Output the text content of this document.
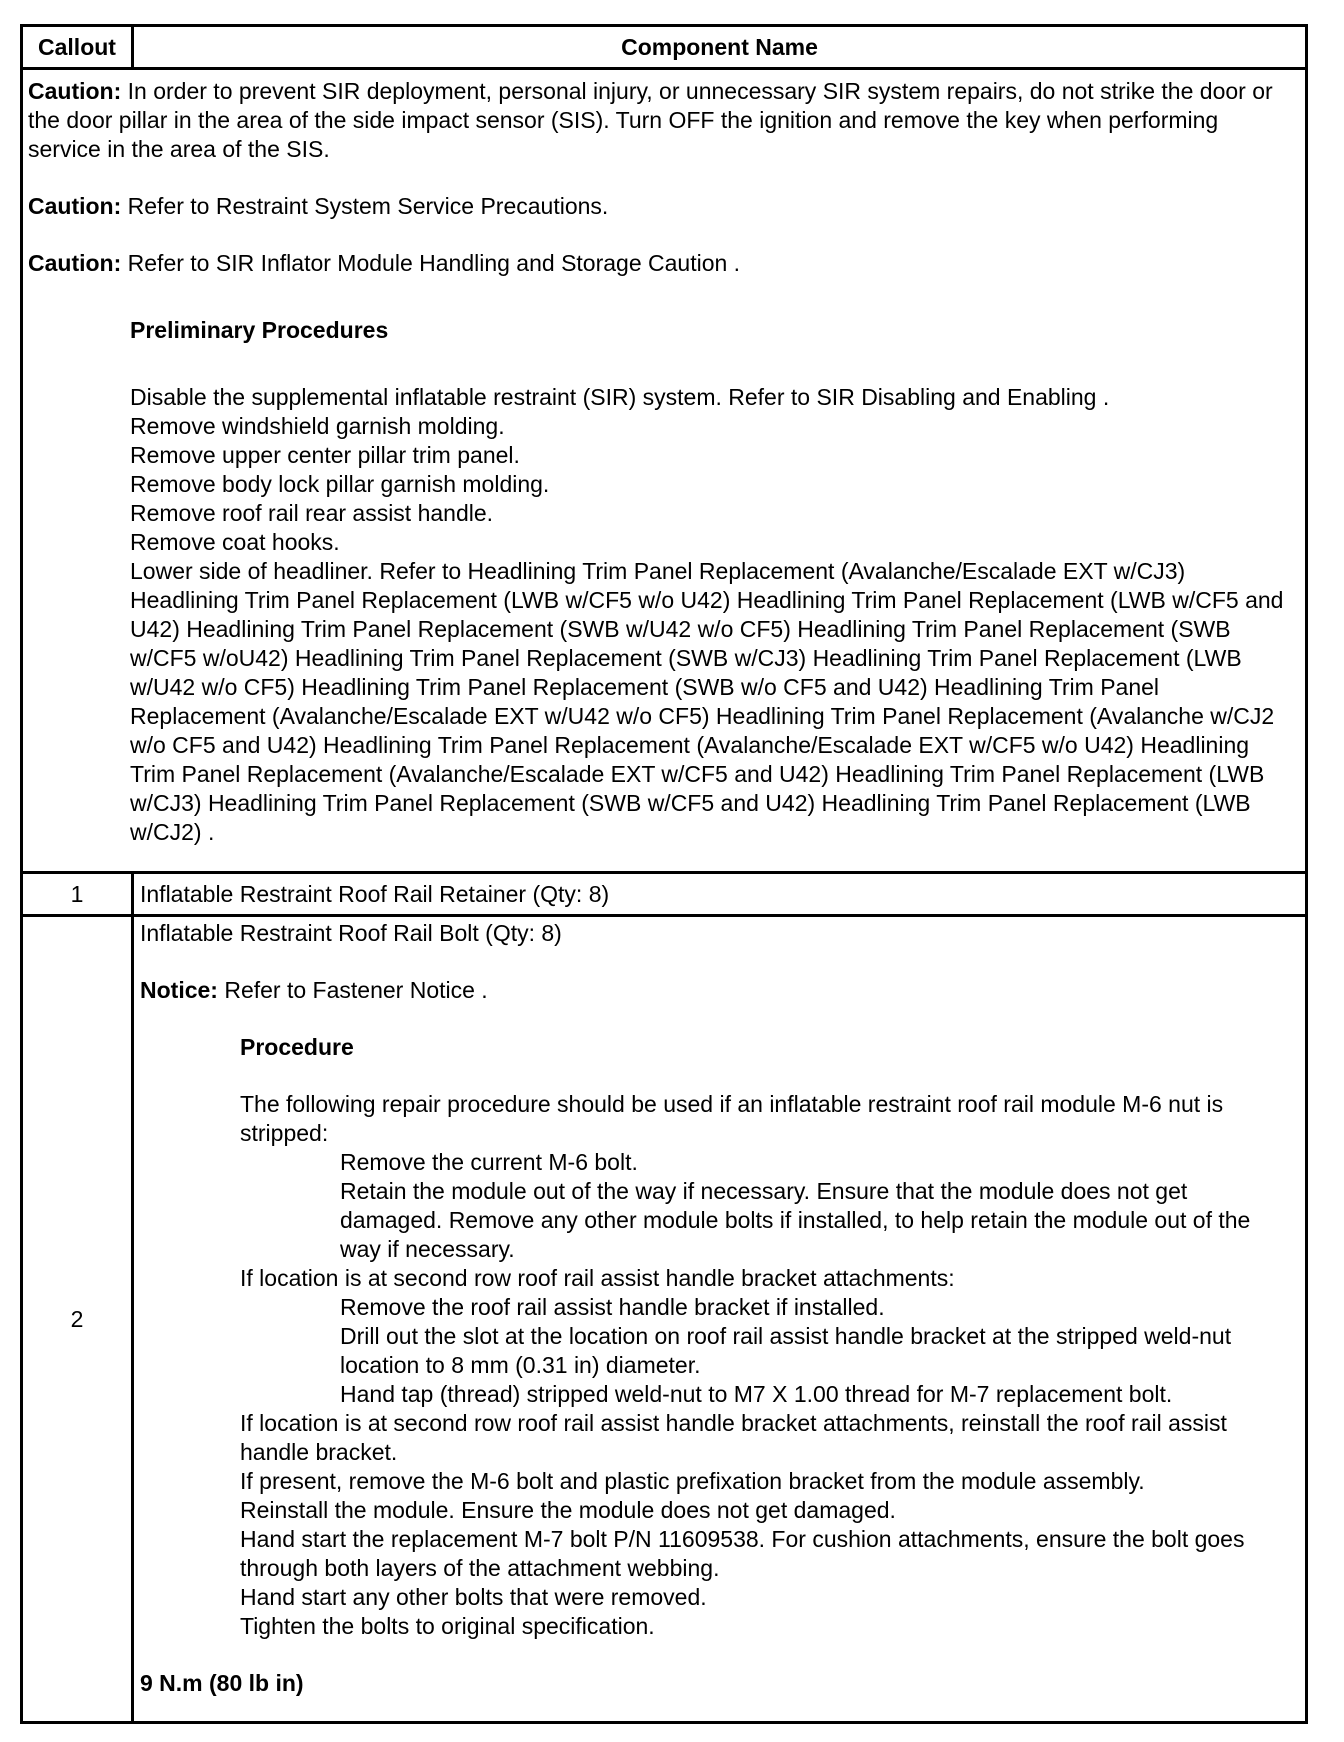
Callout	Component Name

Caution: In order to prevent SIR deployment, personal injury, or unnecessary SIR system repairs, do not strike the door or the door pillar in the area of the side impact sensor (SIS). Turn OFF the ignition and remove the key when performing service in the area of the SIS.

Caution: Refer to Restraint System Service Precautions.

Caution: Refer to SIR Inflator Module Handling and Storage Caution .

Preliminary Procedures

Disable the supplemental inflatable restraint (SIR) system. Refer to SIR Disabling and Enabling .

Remove windshield garnish molding.

Remove upper center pillar trim panel.

Remove body lock pillar garnish molding.

Remove roof rail rear assist handle.

Remove coat hooks.

Lower side of headliner. Refer to Headlining Trim Panel Replacement (Avalanche/Escalade EXT w/CJ3) Headlining Trim Panel Replacement (LWB w/CF5 w/o U42) Headlining Trim Panel Replacement (LWB w/CF5 and U42) Headlining Trim Panel Replacement (SWB w/U42 w/o CF5) Headlining Trim Panel Replacement (SWB w/CF5 w/oU42) Headlining Trim Panel Replacement (SWB w/CJ3) Headlining Trim Panel Replacement (LWB w/U42 w/o CF5) Headlining Trim Panel Replacement (SWB w/o CF5 and U42) Headlining Trim Panel Replacement (Avalanche/Escalade EXT w/U42 w/o CF5) Headlining Trim Panel Replacement (Avalanche w/CJ2 w/o CF5 and U42) Headlining Trim Panel Replacement (Avalanche/Escalade EXT w/CF5 w/o U42) Headlining Trim Panel Replacement (Avalanche/Escalade EXT w/CF5 and U42) Headlining Trim Panel Replacement (LWB w/CJ3) Headlining Trim Panel Replacement (SWB w/CF5 and U42) Headlining Trim Panel Replacement (LWB w/CJ2) .

1	Inflatable Restraint Roof Rail Retainer (Qty: 8)
2

Inflatable Restraint Roof Rail Bolt (Qty: 8)

Notice: Refer to Fastener Notice .

Procedure

The following repair procedure should be used if an inflatable restraint roof rail module M-6 nut is stripped:

Remove the current M-6 bolt.

Retain the module out of the way if necessary. Ensure that the module does not get damaged. Remove any other module bolts if installed, to help retain the module out of the way if necessary.

If location is at second row roof rail assist handle bracket attachments:

Remove the roof rail assist handle bracket if installed.

Drill out the slot at the location on roof rail assist handle bracket at the stripped weld-nut location to 8 mm (0.31 in) diameter.

Hand tap (thread) stripped weld-nut to M7 X 1.00 thread for M-7 replacement bolt.

If location is at second row roof rail assist handle bracket attachments, reinstall the roof rail assist handle bracket.

If present, remove the M-6 bolt and plastic prefixation bracket from the module assembly.

Reinstall the module. Ensure the module does not get damaged.

Hand start the replacement M-7 bolt P/N 11609538. For cushion attachments, ensure the bolt goes through both layers of the attachment webbing.

Hand start any other bolts that were removed.

Tighten the bolts to original specification.

9 N.m (80 lb in)
